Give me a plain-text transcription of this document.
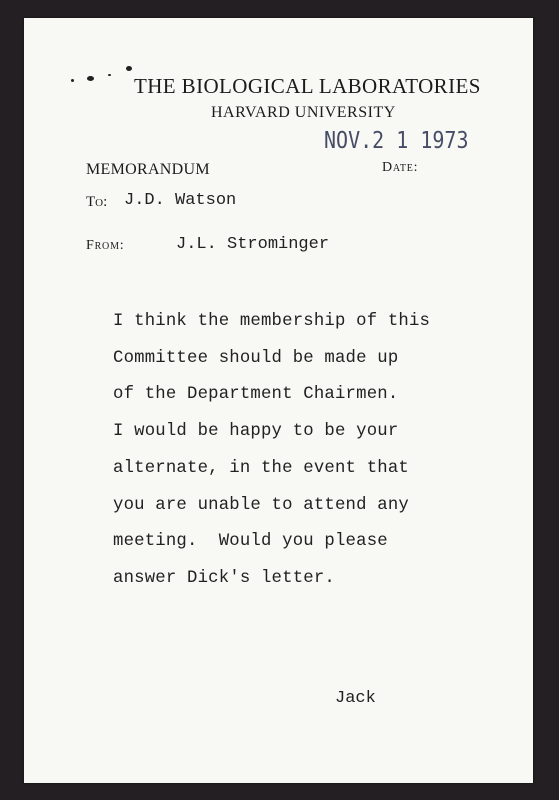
THE BIOLOGICAL LABORATORIES
HARVARD UNIVERSITY
NOV.2 1 1973
MEMORANDUM	Date:
To: J.D. Watson
From:	J.L. Strominger
I think the membership of this
Committee should be made up
of the Department Chairmen.
I would be happy to be your
alternate, in the event that
you are unable to attend any
meeting.  Would you please
answer Dick's letter.
Jack
